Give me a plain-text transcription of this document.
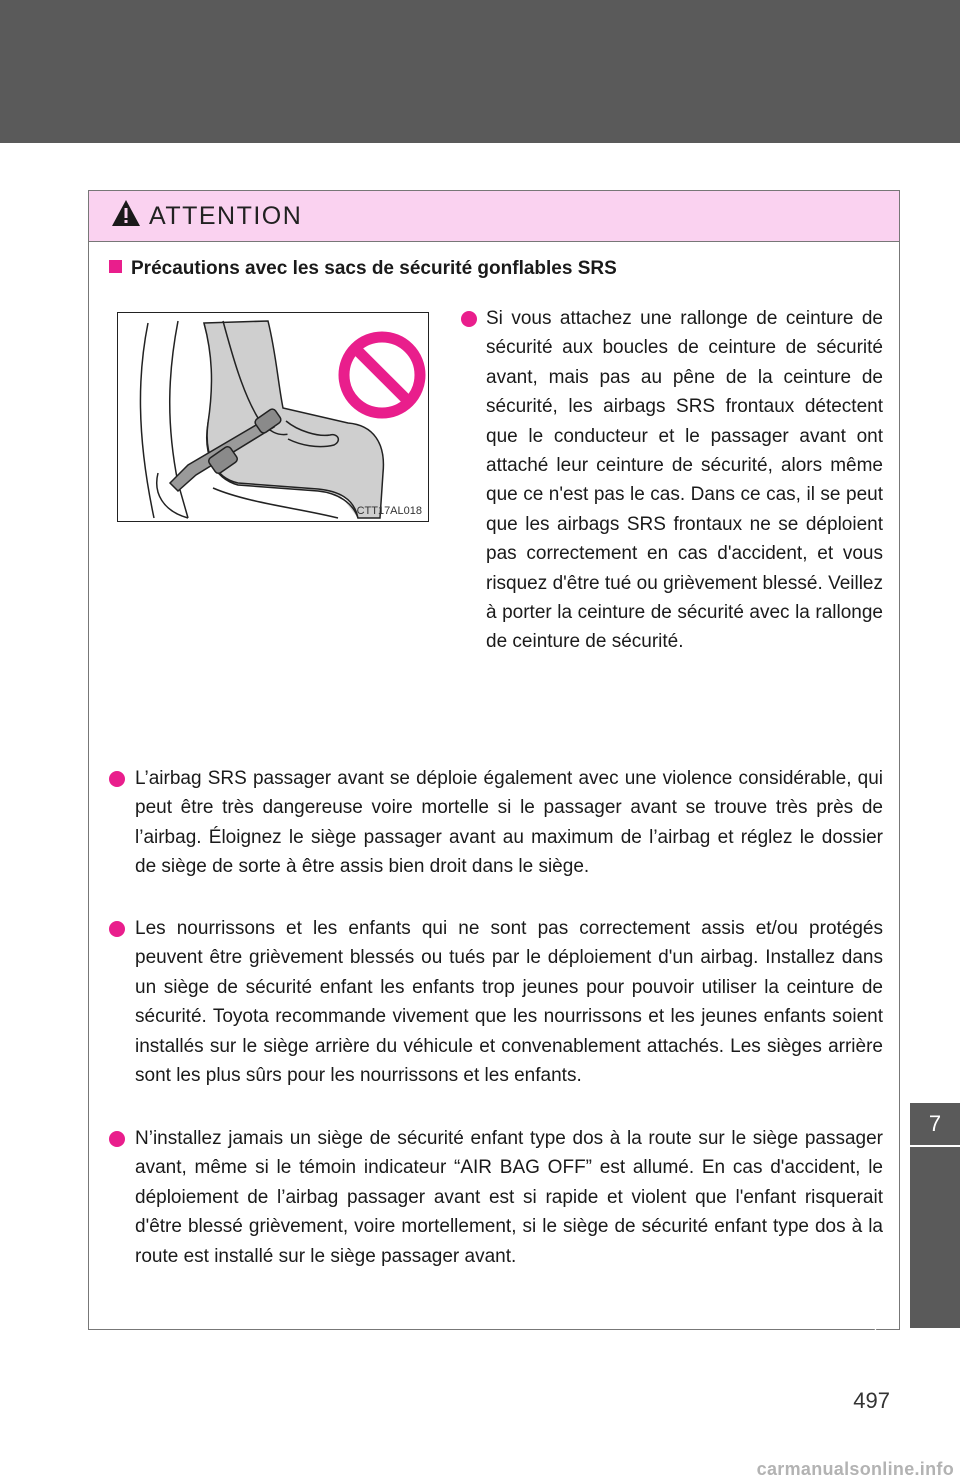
ATTENTION
Précautions avec les sacs de sécurité gonflables SRS
CTT17AL018
Si vous attachez une rallonge de ceinture de sécurité aux boucles de ceinture de sécurité avant, mais pas au pêne de la ceinture de sécurité, les airbags SRS frontaux détectent que le conducteur et le passager avant ont attaché leur ceinture de sécurité, alors même que ce n'est pas le cas. Dans ce cas, il se peut que les airbags SRS frontaux ne se déploient pas correctement en cas d'accident, et vous risquez d'être tué ou grièvement blessé. Veillez à porter la ceinture de sécurité avec la rallonge de ceinture de sécurité.
L’airbag SRS passager avant se déploie également avec une violence considérable, qui peut être très dangereuse voire mortelle si le passager avant se trouve très près de l’airbag. Éloignez le siège passager avant au maximum de l’airbag et réglez le dossier de siège de sorte à être assis bien droit dans le siège.
Les nourrissons et les enfants qui ne sont pas correctement assis et/ou protégés peuvent être grièvement blessés ou tués par le déploiement d'un airbag. Installez dans un siège de sécurité enfant les enfants trop jeunes pour pouvoir utiliser la ceinture de sécurité. Toyota recommande vivement que les nourrissons et les jeunes enfants soient installés sur le siège arrière du véhicule et convenablement attachés. Les sièges arrière sont les plus sûrs pour les nourrissons et les enfants.
N’installez jamais un siège de sécurité enfant type dos à la route sur le siège passager avant, même si le témoin indicateur “AIR BAG OFF” est allumé. En cas d'accident, le déploiement de l’airbag passager avant est si rapide et violent que l'enfant risquerait d'être blessé grièvement, voire mortellement, si le siège de sécurité enfant type dos à la route est installé sur le siège passager avant.
7
For owners
497
carmanualsonline.info
